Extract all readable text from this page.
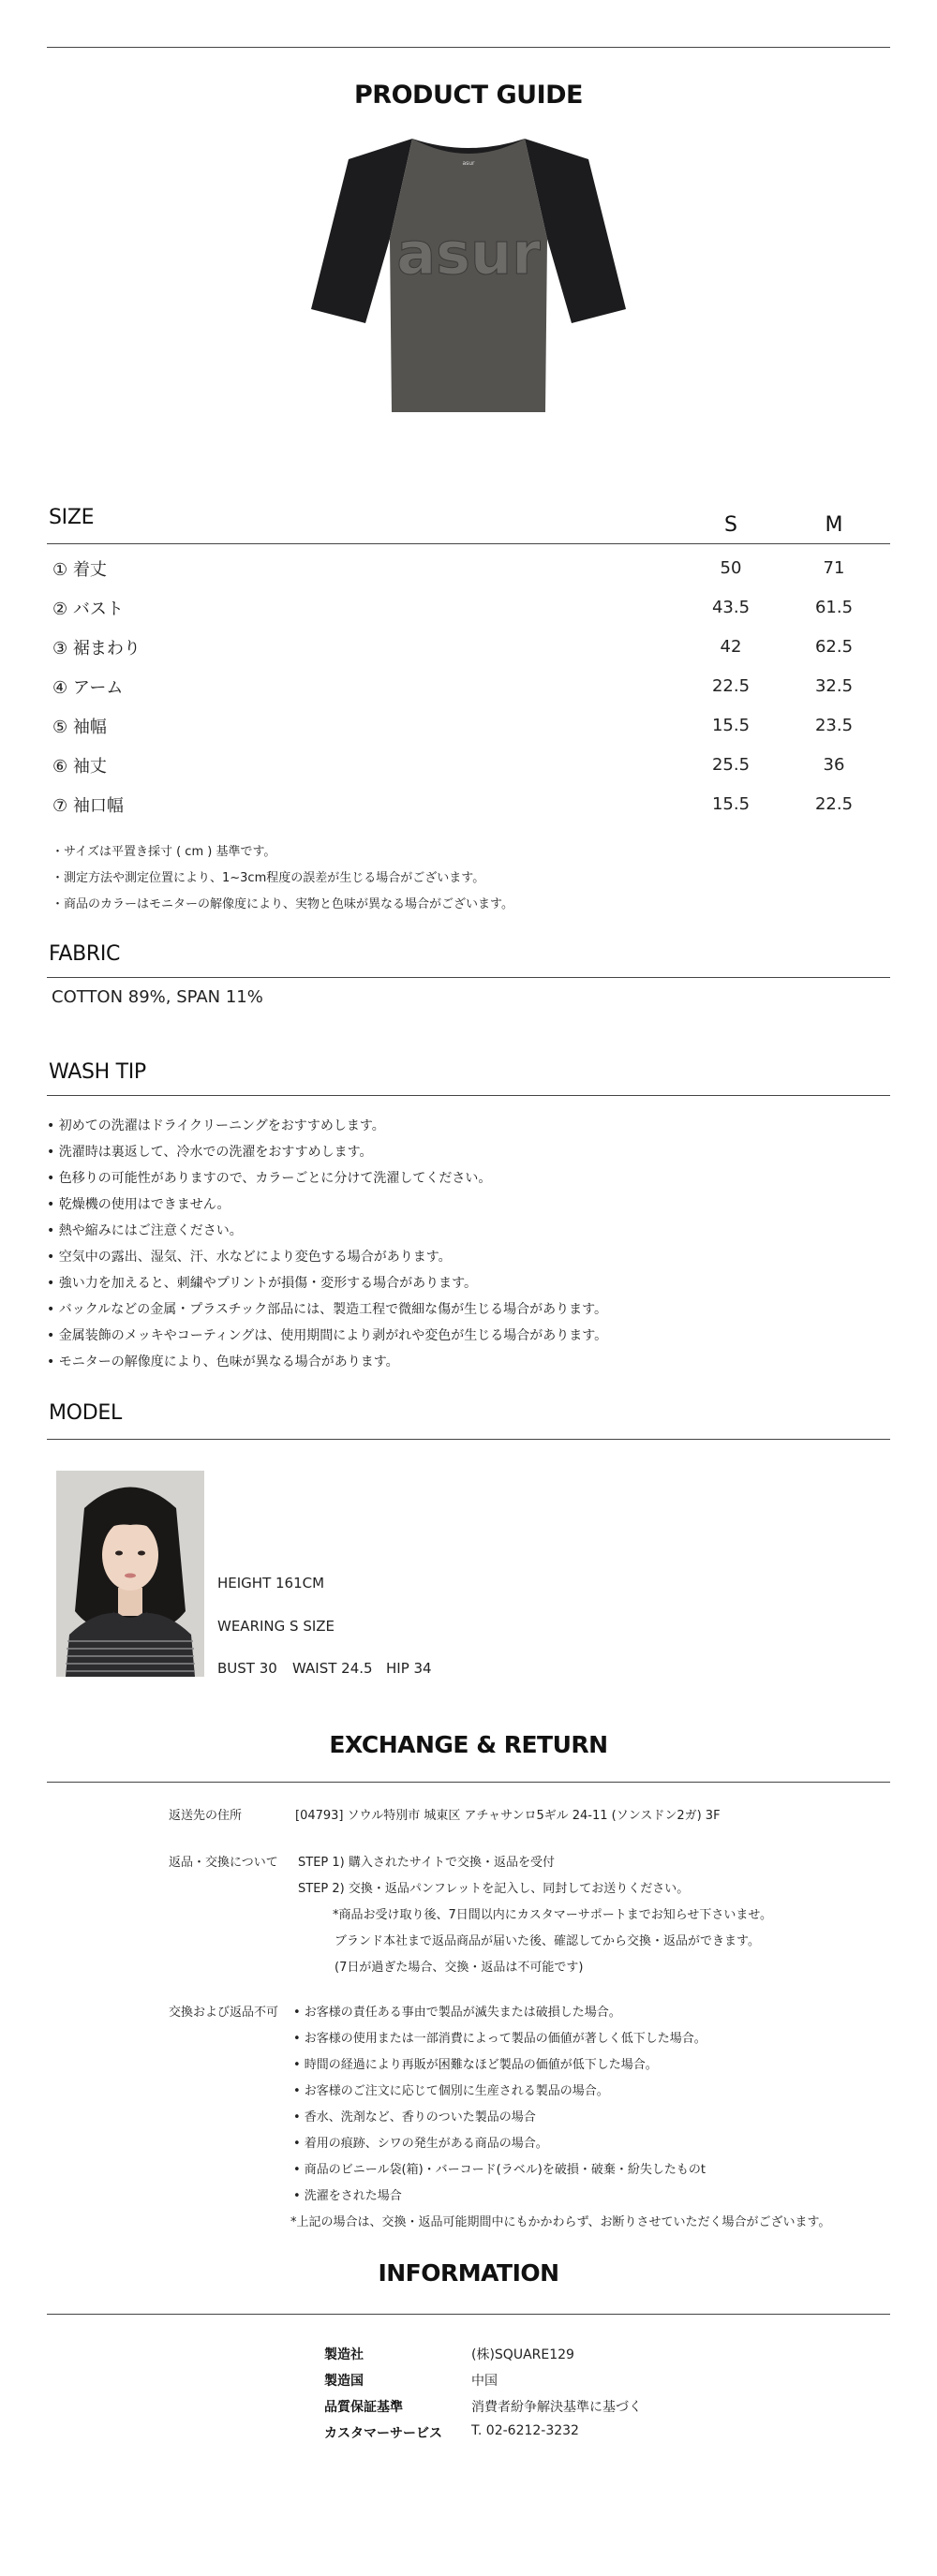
PRODUCT GUIDE
asur
asur
SIZE	S	M
① 着丈	50	71
② バスト	43.5	61.5
③ 裾まわり	42	62.5
④ アーム	22.5	32.5
⑤ 袖幅	15.5	23.5
⑥ 袖丈	25.5	36
⑦ 袖口幅	15.5	22.5
・サイズは平置き採寸 ( cm ) 基準です。
・測定方法や測定位置により、1~3cm程度の誤差が生じる場合がございます。
・商品のカラーはモニターの解像度により、実物と色味が異なる場合がございます。
FABRIC
COTTON 89%, SPAN 11%
WASH TIP
• 初めての洗濯はドライクリーニングをおすすめします。
• 洗濯時は裏返して、冷水での洗濯をおすすめします。
• 色移りの可能性がありますので、カラーごとに分けて洗濯してください。
• 乾燥機の使用はできません。
• 熱や縮みにはご注意ください。
• 空気中の露出、湿気、汗、水などにより変色する場合があります。
• 強い力を加えると、刺繍やプリントが損傷・変形する場合があります。
• バックルなどの金属・プラスチック部品には、製造工程で微細な傷が生じる場合があります。
• 金属装飾のメッキやコーティングは、使用期間により剥がれや変色が生じる場合があります。
• モニターの解像度により、色味が異なる場合があります。
MODEL
HEIGHT 161CM
WEARING S SIZE
BUST 30 WAIST 24.5 HIP 34
EXCHANGE & RETURN
返送先の住所	[04793] ソウル特別市 城東区 アチャサンロ5ギル 24-11 (ソンスドン2ガ) 3F
返品・交換について STEP 1) 購入されたサイトで交換・返品を受付
STEP 2) 交換・返品パンフレットを記入し、同封してお送りください。
*商品お受け取り後、7日間以内にカスタマーサポートまでお知らせ下さいませ。
ブランド本社まで返品商品が届いた後、確認してから交換・返品ができます。
(7日が過ぎた場合、交換・返品は不可能です)
交換および返品不可 • お客様の責任ある事由で製品が滅失または破損した場合。
• お客様の使用または一部消費によって製品の価値が著しく低下した場合。
• 時間の経過により再販が困難なほど製品の価値が低下した場合。
• お客様のご注文に応じて個別に生産される製品の場合。
• 香水、洗剤など、香りのついた製品の場合
• 着用の痕跡、シワの発生がある商品の場合。
• 商品のビニール袋(箱)・バーコード(ラベル)を破損・破棄・紛失したものt
• 洗濯をされた場合
*上記の場合は、交換・返品可能期間中にもかかわらず、お断りさせていただく場合がございます。
INFORMATION
製造社	(株)SQUARE129
製造国	中国
品質保証基準	消費者紛争解決基準に基づく
カスタマーサービス T. 02-6212-3232
